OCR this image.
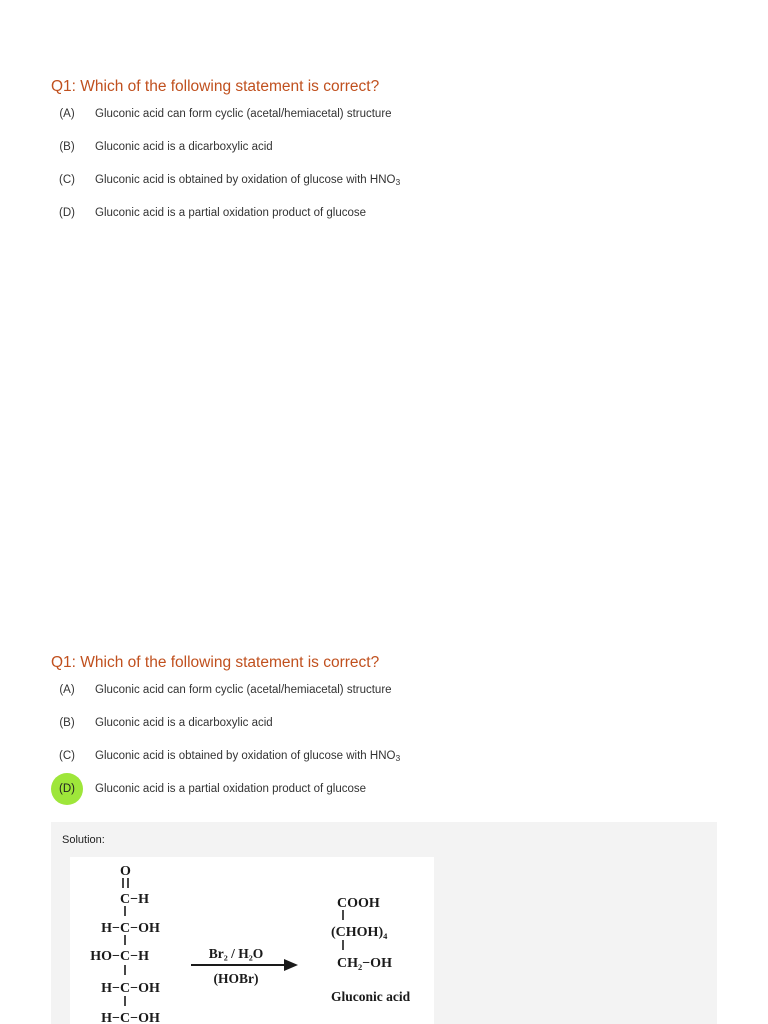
Q1: Which of the following statement is correct?
(A)	Gluconic acid can form cyclic (acetal/hemiacetal) structure
(B)	Gluconic acid is a dicarboxylic acid
(C)	Gluconic acid is obtained by oxidation of glucose with $HNO_3$
(D)	Gluconic acid is a partial oxidation product of glucose
Q1: Which of the following statement is correct?
(A)	Gluconic acid can form cyclic (acetal/hemiacetal) structure
(B)	Gluconic acid is a dicarboxylic acid
(C)	Gluconic acid is obtained by oxidation of glucose with $HNO_3$
(D)	Gluconic acid is a partial oxidation product of glucose
Solution:
O
C−H
H− C−OH
HO− C−H
H− C−OH
H− C−OH
Br₂ / H₂O
(HOBr)
COOH
(CHOH)₄
CH₂−OH
Gluconic acid
